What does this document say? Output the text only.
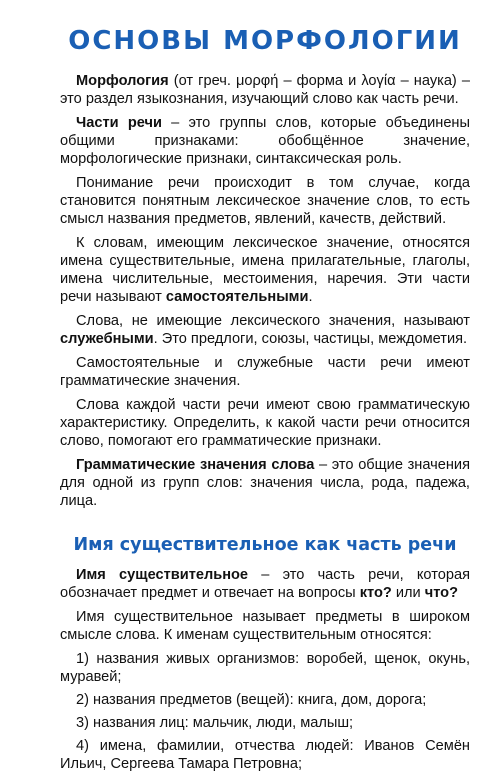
ОСНОВЫ МОРФОЛОГИИ

Морфология (от греч. μορφή – форма и λογία – наука) – это раздел языкознания, изучающий слово как часть речи.

Части речи – это группы слов, которые объединены общими признаками: обобщённое значение, морфологические признаки, синтаксическая роль.

Понимание речи происходит в том случае, когда становится понятным лексическое значение слов, то есть смысл названия предметов, явлений, качеств, действий.

К словам, имеющим лексическое значение, относятся имена существительные, имена прилагательные, глаголы, имена числительные, местоимения, наречия. Эти части речи называют самостоятельными.

Слова, не имеющие лексического значения, называют служебными. Это предлоги, союзы, частицы, междометия.

Самостоятельные и служебные части речи имеют грамматические значения.

Слова каждой части речи имеют свою грамматическую характеристику. Определить, к какой части речи относится слово, помогают его грамматические признаки.

Грамматические значения слова – это общие значения для одной из групп слов: значения числа, рода, падежа, лица.

Имя существительное как часть речи

Имя существительное – это часть речи, которая обозначает предмет и отвечает на вопросы кто? или что?

Имя существительное называет предметы в широком смысле слова. К именам существительным относятся:

1) названия живых организмов: воробей, щенок, окунь, муравей;

2) названия предметов (вещей): книга, дом, дорога;

3) названия лиц: мальчик, люди, малыш;

4) имена, фамилии, отчества людей: Иванов Семён Ильич, Сергеева Тамара Петровна;
